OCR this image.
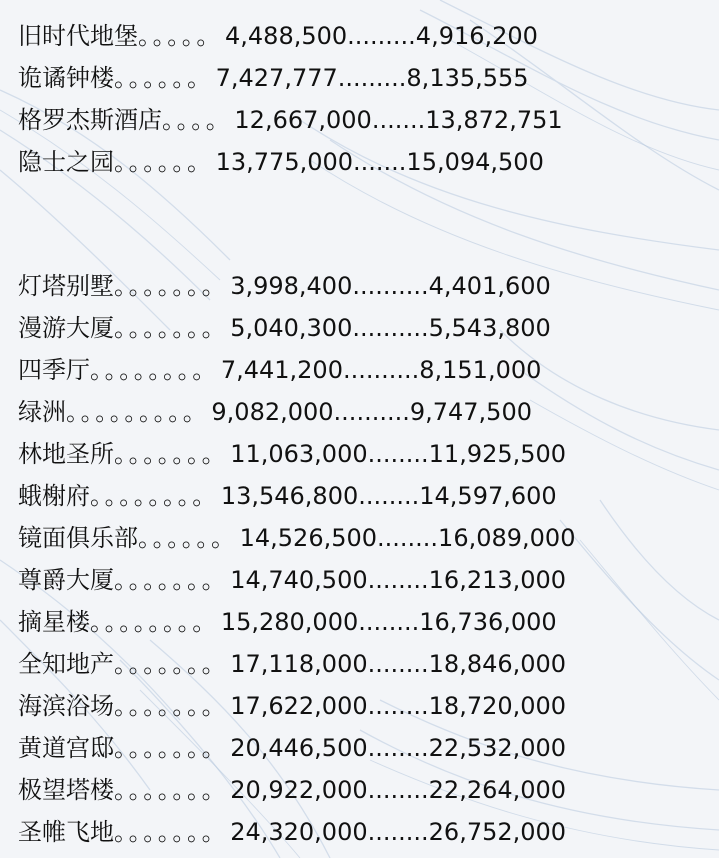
旧时代地堡 。。。。。 4,488,500.........4,916,200
诡谲钟楼 。。。。。。 7,427,777.........8,135,555
格罗杰斯酒店 。。。。 12,667,000.......13,872,751
隐士之园 。。。。。。 13,775,000.......15,094,500
灯塔别墅 。。。。。。。 3,998,400..........4,401,600
漫游大厦 。。。。。。。 5,040,300..........5,543,800
四季厅 。。。。。。。。 7,441,200..........8,151,000
绿洲 。。。。。。。。。 9,082,000..........9,747,500
林地圣所 。。。。。。。 11,063,000........11,925,500
蛾榭府 。。。。。。。。 13,546,800........14,597,600
镜面俱乐部 。。。。。。 14,526,500........16,089,000
尊爵大厦 。。。。。。。 14,740,500........16,213,000
摘星楼 。。。。。。。。 15,280,000........16,736,000
全知地产 。。。。。。。 17,118,000........18,846,000
海滨浴场 。。。。。。。 17,622,000........18,720,000
黄道宫邸 。。。。。。。 20,446,500........22,532,000
极望塔楼 。。。。。。。 20,922,000........22,264,000
圣帷飞地 。。。。。。。 24,320,000........26,752,000
